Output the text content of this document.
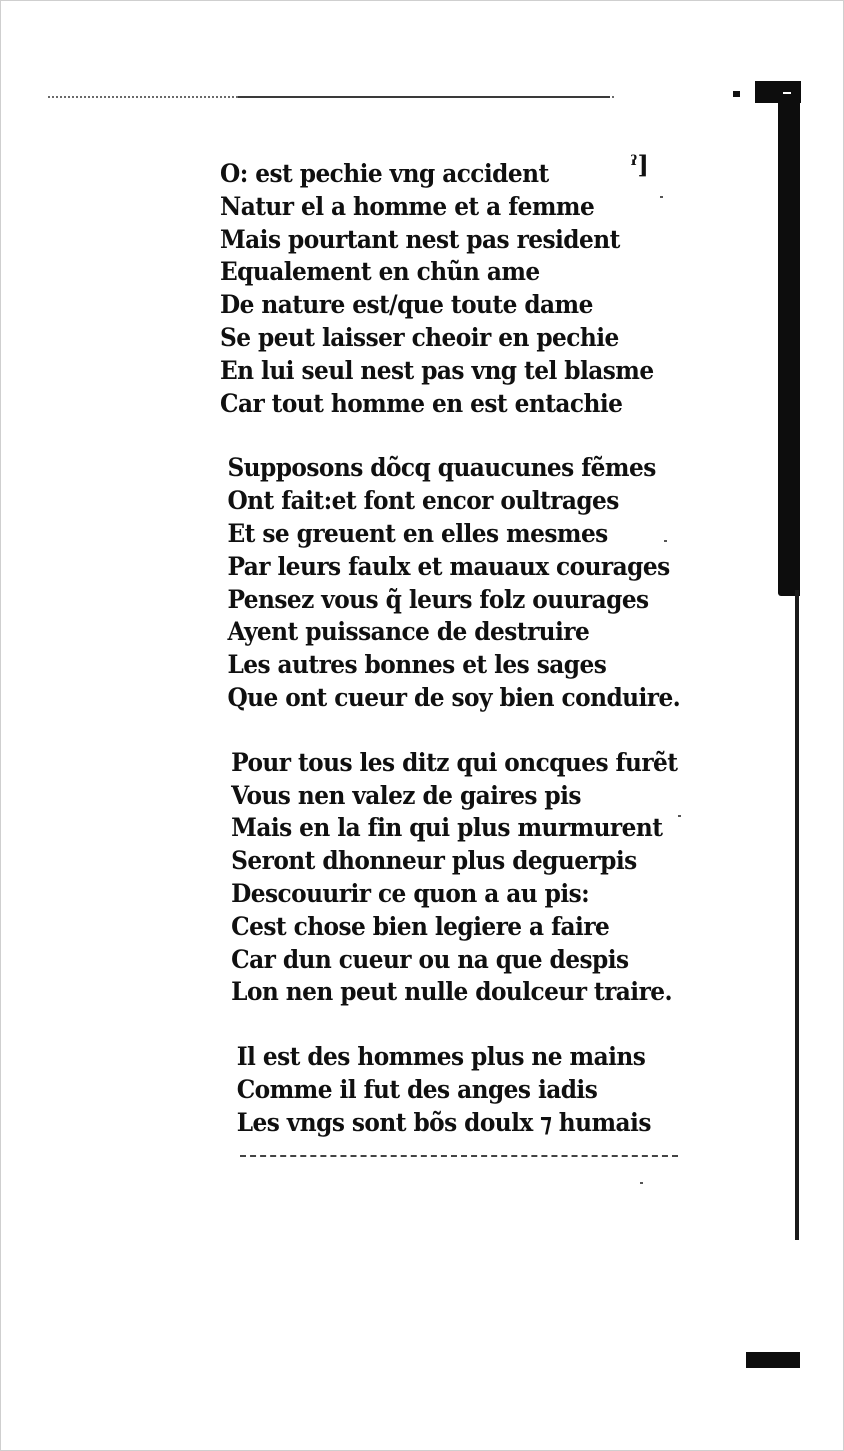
ˀ]
O: est pechie vng accident
Natur el a homme et a femme
Mais pourtant nest pas resident
Equalement en chũn ame
De nature est/que toute dame
Se peut laisser cheoir en pechie
En lui seul nest pas vng tel blasme
Car tout homme en est entachie
Supposons dõcq quaucunes fẽmes
Ont fait:et font encor oultrages
Et se greuent en elles mesmes
Par leurs faulx et mauaux courages
Pensez vous q̃ leurs folz ouurages
Ayent puissance de destruire
Les autres bonnes et les sages
Que ont cueur de soy bien conduire.
Pour tous les ditz qui oncques furẽt
Vous nen valez de gaires pis
Mais en la fin qui plus murmurent
Seront dhonneur plus deguerpis
Descouurir ce quon a au pis:
Cest chose bien legiere a faire
Car dun cueur ou na que despis
Lon nen peut nulle doulceur traire.
Il est des hommes plus ne mains
Comme il fut des anges iadis
Les vngs sont bõs doulx ⁊ humais
